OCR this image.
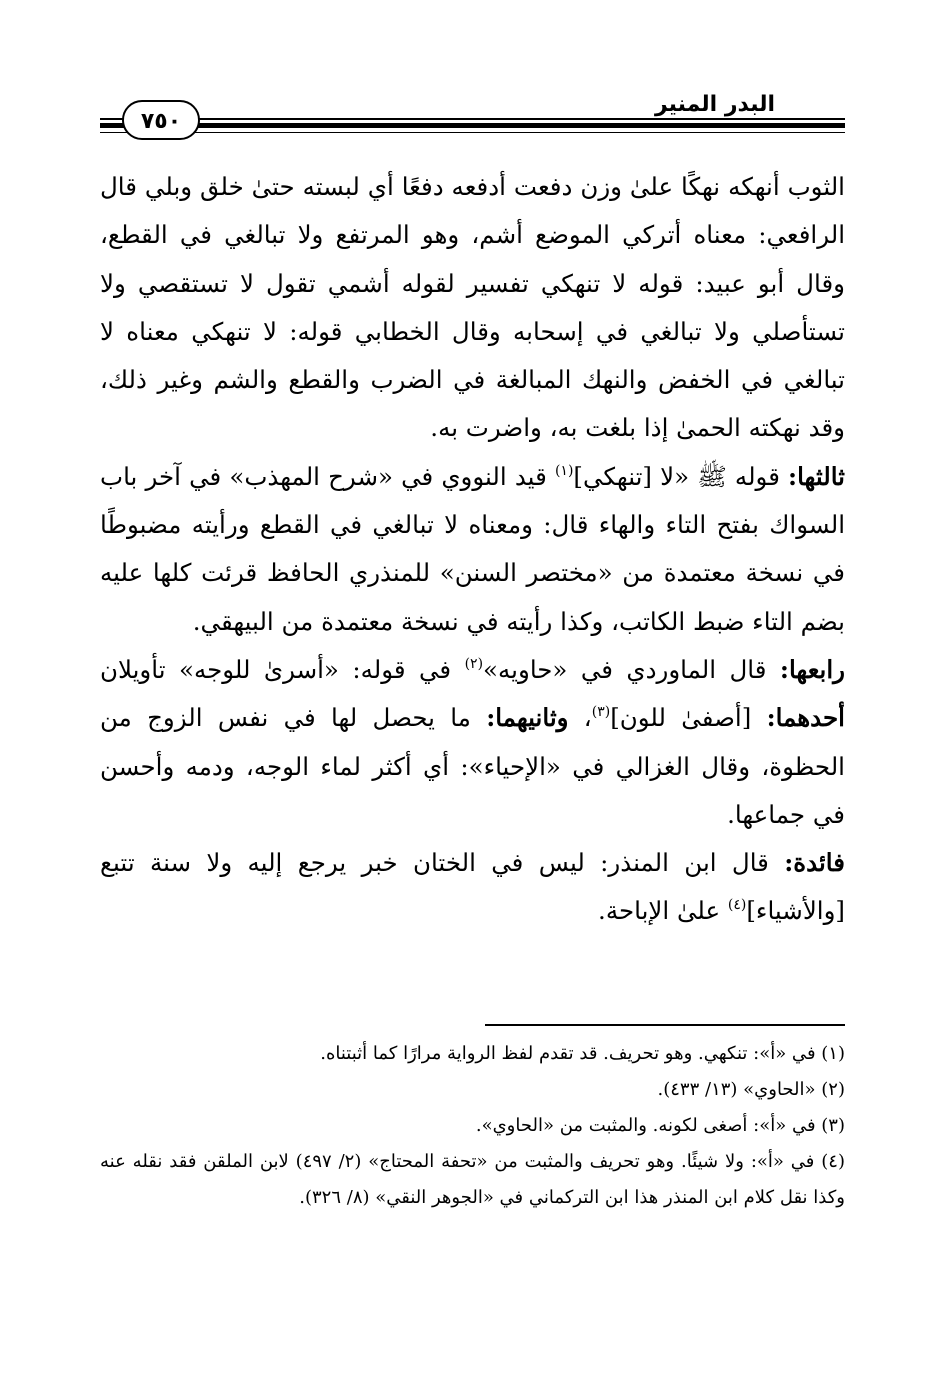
البدر المنير
٧٥٠

الثوب أنهكه نهكًا علىٰ وزن دفعت أدفعه دفعًا أي لبسته حتىٰ خلق وبلي قال الرافعي: معناه أتركي الموضع أشم، وهو المرتفع ولا تبالغي في القطع، وقال أبو عبيد: قوله لا تنهكي تفسير لقوله أشمي تقول لا تستقصي ولا تستأصلي ولا تبالغي في إسحابه وقال الخطابي قوله: لا تنهكي معناه لا تبالغي في الخفض والنهك المبالغة في الضرب والقطع والشم وغير ذلك، وقد نهكته الحمىٰ إذا بلغت به، واضرت به.

ثالثها: قوله ﷺ «لا [تنهكي]$^{(١)}$ قيد النووي في «شرح المهذب» في آخر باب السواك بفتح التاء والهاء قال: ومعناه لا تبالغي في القطع ورأيته مضبوطًا في نسخة معتمدة من «مختصر السنن» للمنذري الحافظ قرئت كلها عليه بضم التاء ضبط الكاتب، وكذا رأيته في نسخة معتمدة من البيهقي.

رابعها: قال الماوردي في «حاويه»$^{(٢)}$ في قوله: «أسرىٰ للوجه» تأويلان أحدهما: [أصفىٰ للون]$^{(٣)}$، وثانيهما: ما يحصل لها في نفس الزوج من الحظوة، وقال الغزالي في «الإحياء»: أي أكثر لماء الوجه، ودمه وأحسن في جماعها.

فائدة: قال ابن المنذر: ليس في الختان خبر يرجع إليه ولا سنة تتبع [والأشياء]$^{(٤)}$ علىٰ الإباحة.

(١) في «أ»: تنكهي. وهو تحريف. قد تقدم لفظ الرواية مرارًا كما أثبتناه.

(٢) «الحاوي» (١٣/ ٤٣٣).

(٣) في «أ»: أصغى لكونه. والمثبت من «الحاوي».

(٤) في «أ»: ولا شيئًا. وهو تحريف والمثبت من «تحفة المحتاج» (٢/ ٤٩٧) لابن الملقن فقد نقله عنه وكذا نقل كلام ابن المنذر هذا ابن التركماني في «الجوهر النقي» (٨/ ٣٢٦).
